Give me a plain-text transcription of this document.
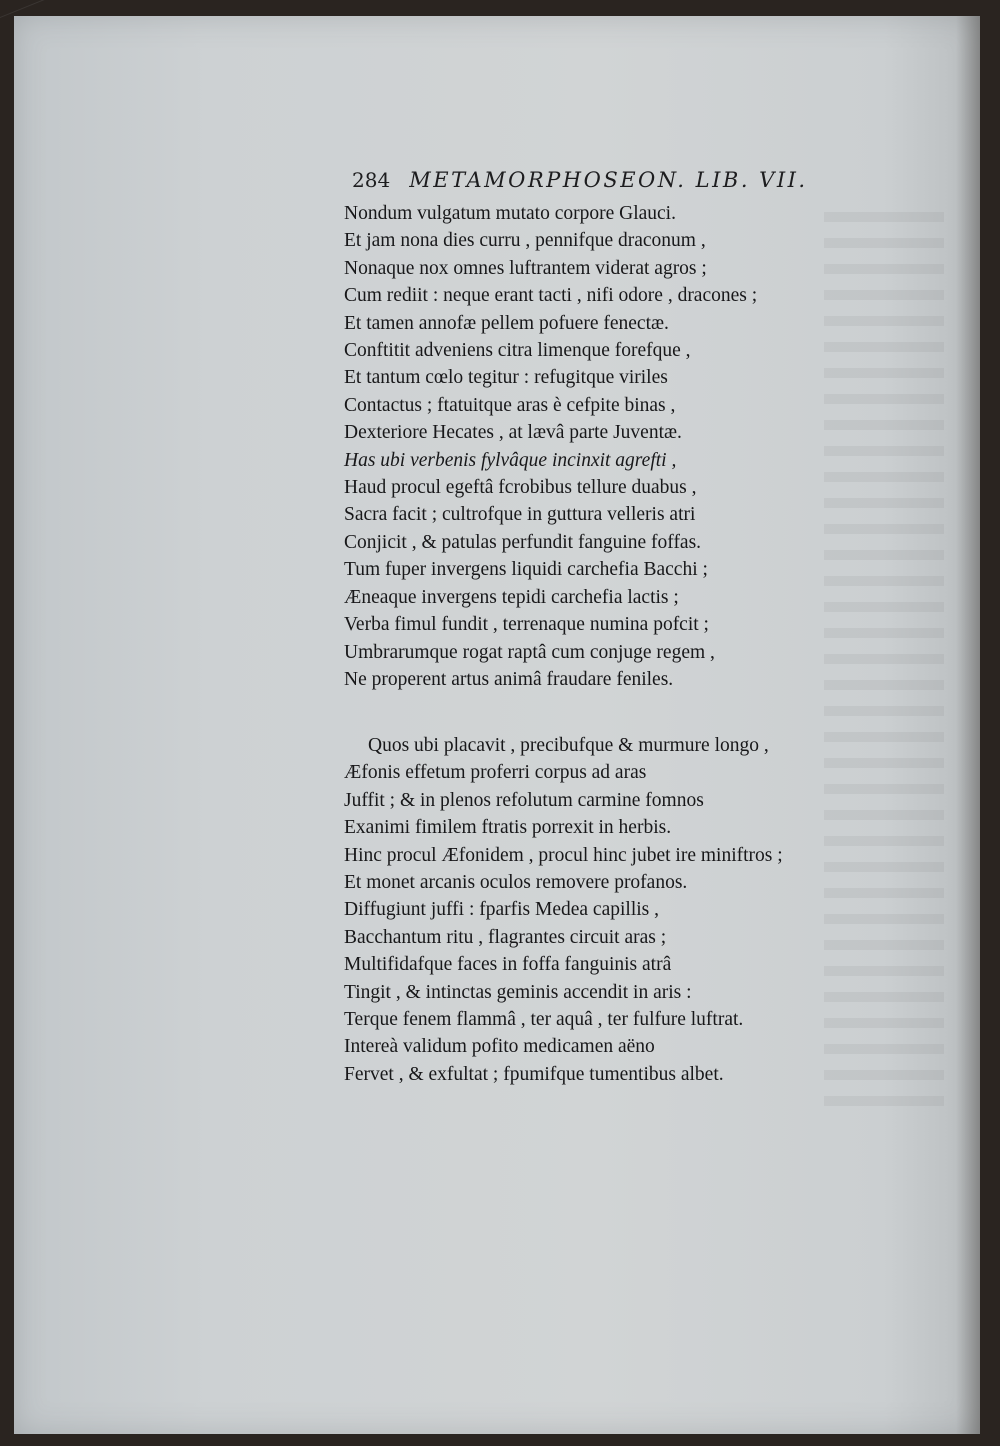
284 METAMORPHOSEON. LIB. VII.
Nondum vulgatum mutato corpore Glauci.
Et jam nona dies curru , pennifque draconum ,
Nonaque nox omnes luftrantem viderat agros ;
Cum rediit : neque erant tacti , nifi odore , dracones ;
Et tamen annofæ pellem pofuere fenectæ.
Conftitit adveniens citra limenque forefque ,
Et tantum cœlo tegitur : refugitque viriles
Contactus ; ftatuitque aras è cefpite binas ,
Dexteriore Hecates , at lævâ parte Juventæ.
Has ubi verbenis fylvâque incinxit agrefti ,
Haud procul egeftâ fcrobibus tellure duabus ,
Sacra facit ; cultrofque in guttura velleris atri
Conjicit , & patulas perfundit fanguine foffas.
Tum fuper invergens liquidi carchefia Bacchi ;
Æneaque invergens tepidi carchefia lactis ;
Verba fimul fundit , terrenaque numina pofcit ;
Umbrarumque rogat raptâ cum conjuge regem ,
Ne properent artus animâ fraudare feniles.
Quos ubi placavit , precibufque & murmure longo ,
Æfonis effetum proferri corpus ad aras
Juffit ; & in plenos refolutum carmine fomnos
Exanimi fimilem ftratis porrexit in herbis.
Hinc procul Æfonidem , procul hinc jubet ire miniftros ;
Et monet arcanis oculos removere profanos.
Diffugiunt juffi : fparfis Medea capillis ,
Bacchantum ritu , flagrantes circuit aras ;
Multifidafque faces in foffa fanguinis atrâ
Tingit , & intinctas geminis accendit in aris :
Terque fenem flammâ , ter aquâ , ter fulfure luftrat.
Intereà validum pofito medicamen aëno
Fervet , & exfultat ; fpumifque tumentibus albet.
